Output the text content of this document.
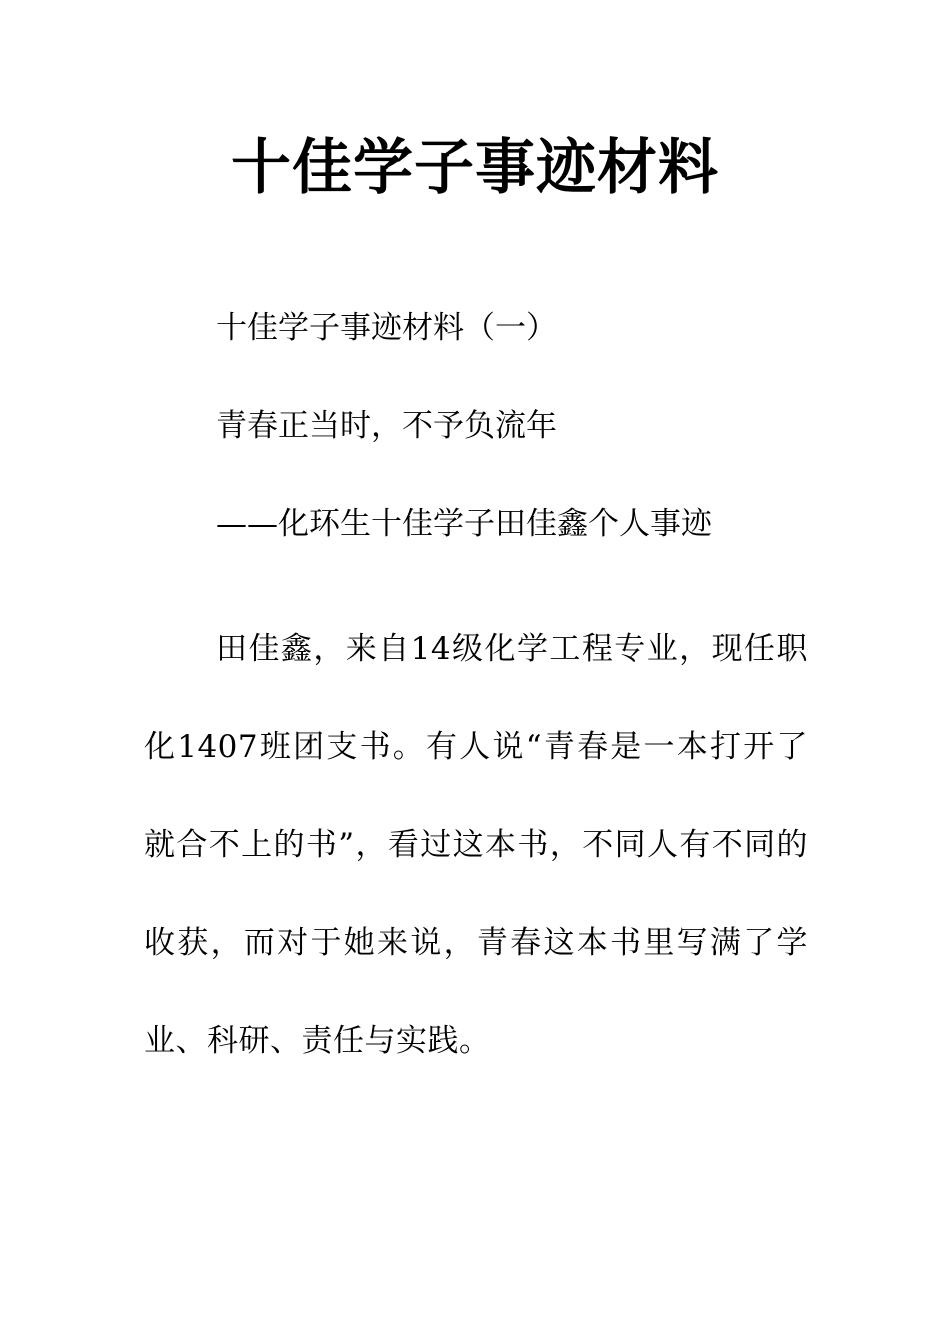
十佳学子事迹材料

十佳学子事迹材料（一）

青春正当时，不予负流年

——化环生十佳学子田佳鑫个人事迹

田佳鑫，来自14级化学工程专业，现任职化1407班团支书。有人说“青春是一本打开了就合不上的书”，看过这本书，不同人有不同的收获，而对于她来说，青春这本书里写满了学业、科研、责任与实践。
